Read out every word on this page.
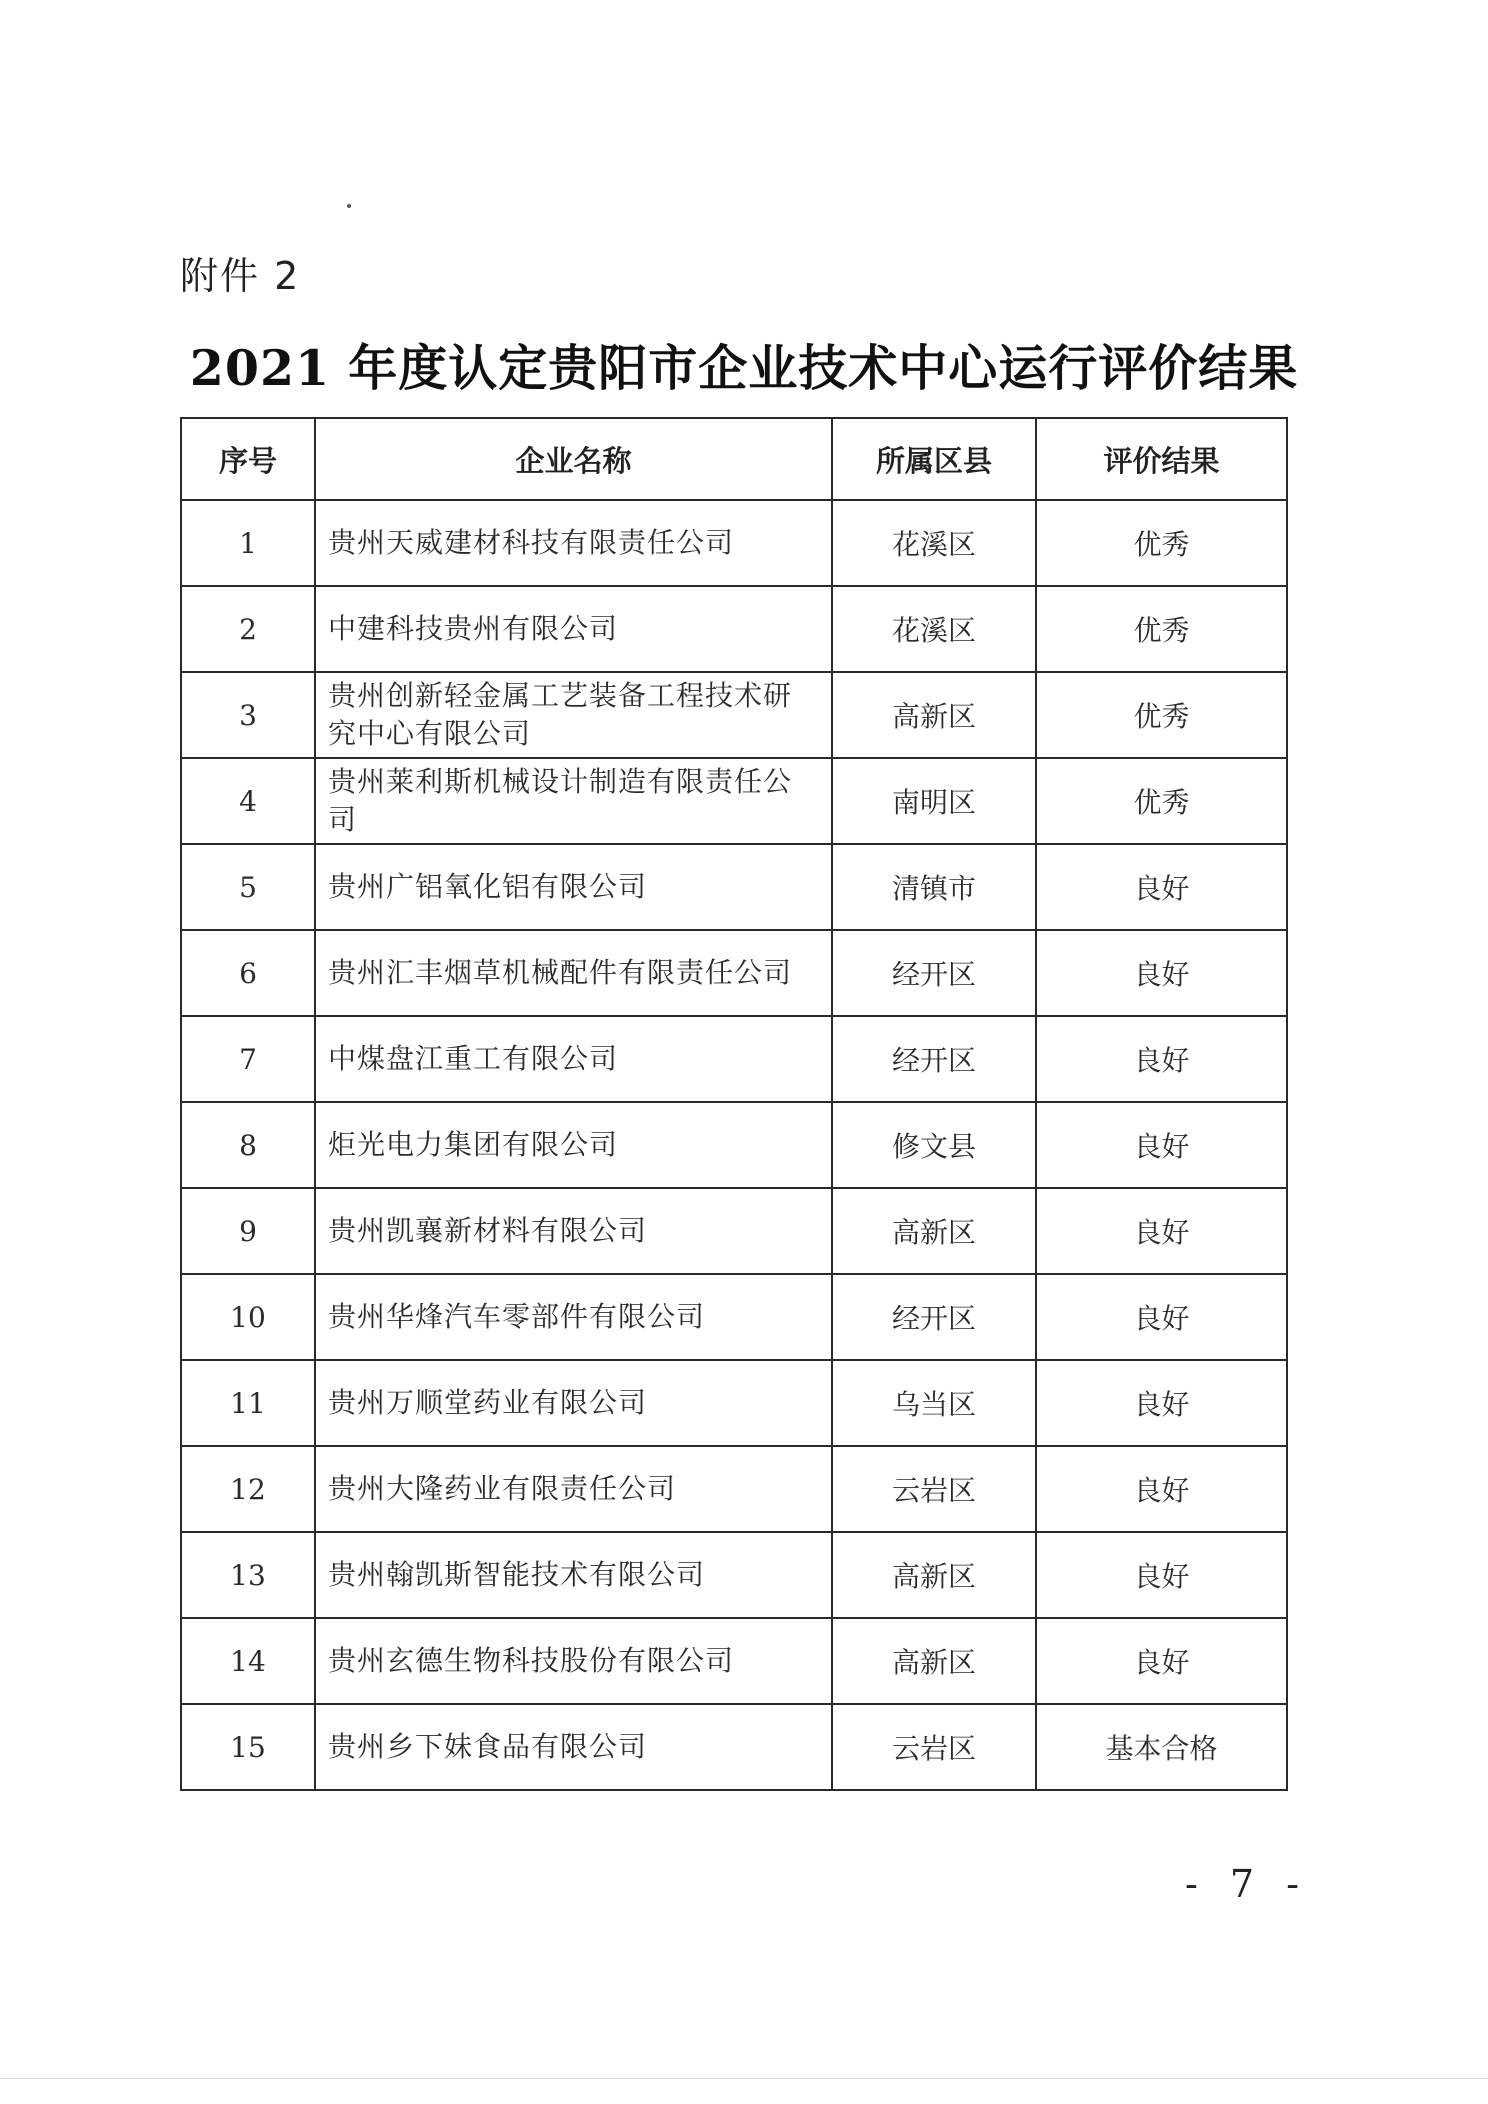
附件 2
2021 年度认定贵阳市企业技术中心运行评价结果
序号	企业名称	所属区县	评价结果
1	贵州天威建材科技有限责任公司	花溪区	优秀
2	中建科技贵州有限公司	花溪区	优秀
3	贵州创新轻金属工艺装备工程技术研究中心有限公司	高新区	优秀
4	贵州莱利斯机械设计制造有限责任公司	南明区	优秀
5	贵州广铝氧化铝有限公司	清镇市	良好
6	贵州汇丰烟草机械配件有限责任公司	经开区	良好
7	中煤盘江重工有限公司	经开区	良好
8	炬光电力集团有限公司	修文县	良好
9	贵州凯襄新材料有限公司	高新区	良好
10	贵州华烽汽车零部件有限公司	经开区	良好
11	贵州万顺堂药业有限公司	乌当区	良好
12	贵州大隆药业有限责任公司	云岩区	良好
13	贵州翰凯斯智能技术有限公司	高新区	良好
14	贵州玄德生物科技股份有限公司	高新区	良好
15	贵州乡下妹食品有限公司	云岩区	基本合格
- 7 -
